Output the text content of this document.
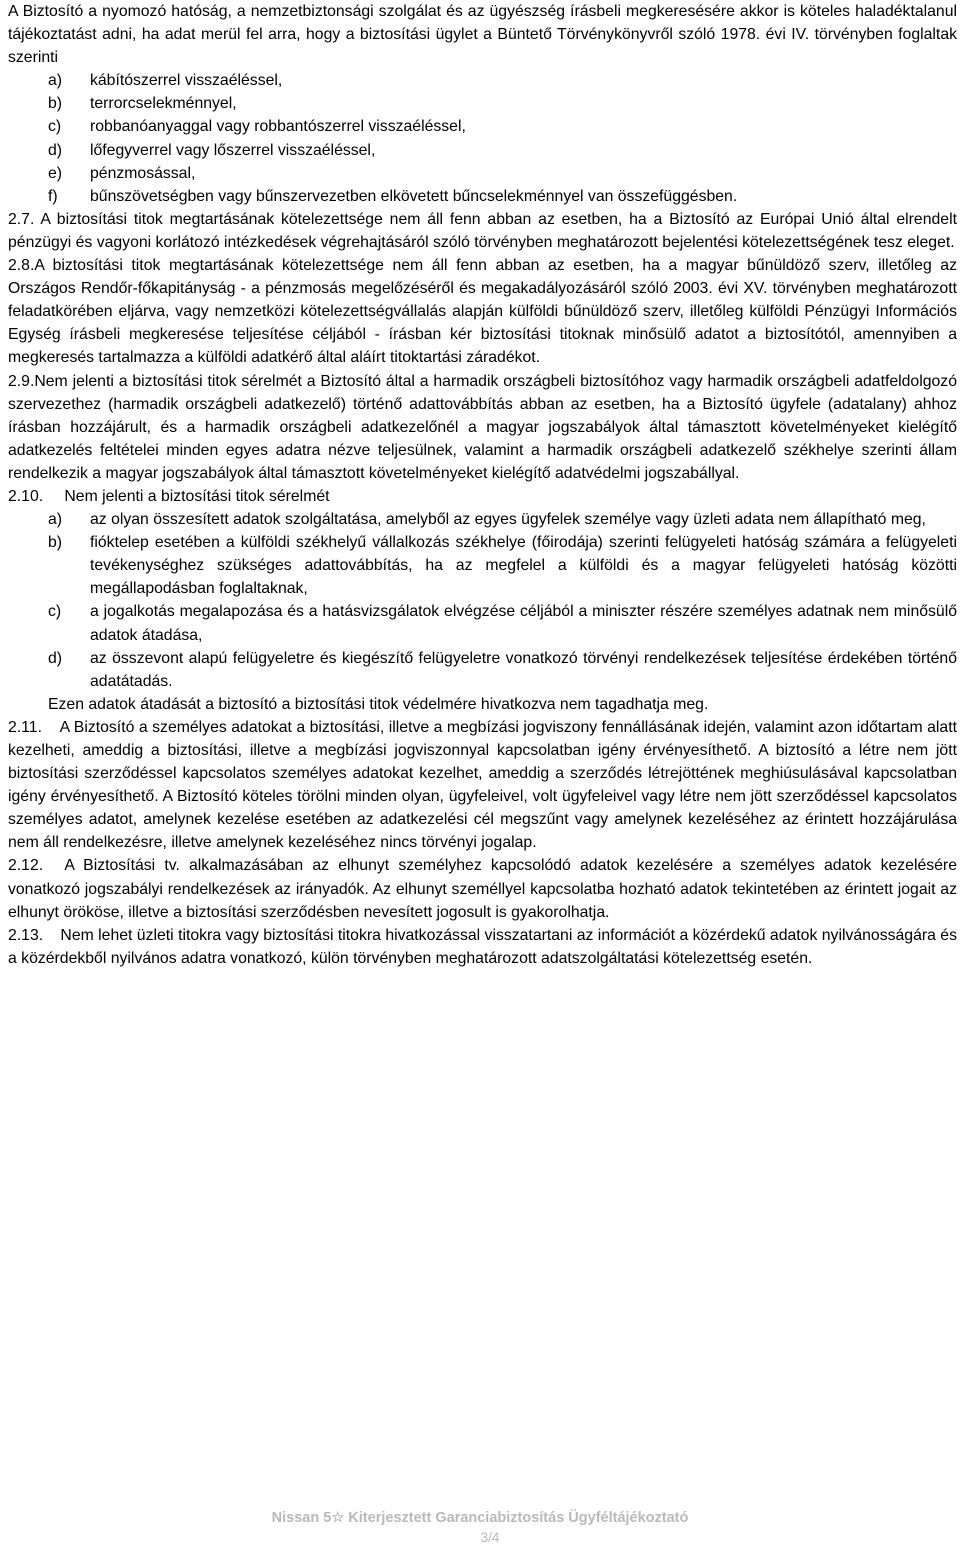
A Biztosító a nyomozó hatóság, a nemzetbiztonsági szolgálat és az ügyészség írásbeli megkeresésére akkor is köteles haladéktalanul tájékoztatást adni, ha adat merül fel arra, hogy a biztosítási ügylet a Büntető Törvénykönyvről szóló 1978. évi IV. törvényben foglaltak szerinti

a) kábítószerrel visszaéléssel,
b) terrorcselekménnyel,
c) robbanóanyaggal vagy robbantószerrel visszaéléssel,
d) lőfegyverrel vagy lőszerrel visszaéléssel,
e) pénzmosással,
f) bűnszövetségben vagy bűnszervezetben elkövetett bűncselekménnyel van összefüggésben.

2.7. A biztosítási titok megtartásának kötelezettsége nem áll fenn abban az esetben, ha a Biztosító az Európai Unió által elrendelt pénzügyi és vagyoni korlátozó intézkedések végrehajtásáról szóló törvényben meghatározott bejelentési kötelezettségének tesz eleget.

2.8.A biztosítási titok megtartásának kötelezettsége nem áll fenn abban az esetben, ha a magyar bűnüldöző szerv, illetőleg az Országos Rendőr-főkapitányság - a pénzmosás megelőzéséről és megakadályozásáról szóló 2003. évi XV. törvényben meghatározott feladatkörében eljárva, vagy nemzetközi kötelezettségvállalás alapján külföldi bűnüldöző szerv, illetőleg külföldi Pénzügyi Információs Egység írásbeli megkeresése teljesítése céljából - írásban kér biztosítási titoknak minősülő adatot a biztosítótól, amennyiben a megkeresés tartalmazza a külföldi adatkérő által aláírt titoktartási záradékot.

2.9.Nem jelenti a biztosítási titok sérelmét a Biztosító által a harmadik országbeli biztosítóhoz vagy harmadik országbeli adatfeldolgozó szervezethez (harmadik országbeli adatkezelő) történő adattovábbítás abban az esetben, ha a Biztosító ügyfele (adatalany) ahhoz írásban hozzájárult, és a harmadik országbeli adatkezelőnél a magyar jogszabályok által támasztott követelményeket kielégítő adatkezelés feltételei minden egyes adatra nézve teljesülnek, valamint a harmadik országbeli adatkezelő székhelye szerinti állam rendelkezik a magyar jogszabályok által támasztott követelményeket kielégítő adatvédelmi jogszabállyal.

2.10. Nem jelenti a biztosítási titok sérelmét

a) az olyan összesített adatok szolgáltatása, amelyből az egyes ügyfelek személye vagy üzleti adata nem állapítható meg,
b) fióktelep esetében a külföldi székhelyű vállalkozás székhelye (főirodája) szerinti felügyeleti hatóság számára a felügyeleti tevékenységhez szükséges adattovábbítás, ha az megfelel a külföldi és a magyar felügyeleti hatóság közötti megállapodásban foglaltaknak,
c) a jogalkotás megalapozása és a hatásvizsgálatok elvégzése céljából a miniszter részére személyes adatnak nem minősülő adatok átadása,
d) az összevont alapú felügyeletre és kiegészítő felügyeletre vonatkozó törvényi rendelkezések teljesítése érdekében történő adatátadás.

Ezen adatok átadását a biztosító a biztosítási titok védelmére hivatkozva nem tagadhatja meg.

2.11. A Biztosító a személyes adatokat a biztosítási, illetve a megbízási jogviszony fennállásának idején, valamint azon időtartam alatt kezelheti, ameddig a biztosítási, illetve a megbízási jogviszonnyal kapcsolatban igény érvényesíthető. A biztosító a létre nem jött biztosítási szerződéssel kapcsolatos személyes adatokat kezelhet, ameddig a szerződés létrejöttének meghiúsulásával kapcsolatban igény érvényesíthető. A Biztosító köteles törölni minden olyan, ügyfeleivel, volt ügyfeleivel vagy létre nem jött szerződéssel kapcsolatos személyes adatot, amelynek kezelése esetében az adatkezelési cél megszűnt vagy amelynek kezeléséhez az érintett hozzájárulása nem áll rendelkezésre, illetve amelynek kezeléséhez nincs törvényi jogalap.

2.12. A Biztosítási tv. alkalmazásában az elhunyt személyhez kapcsolódó adatok kezelésére a személyes adatok kezelésére vonatkozó jogszabályi rendelkezések az irányadók. Az elhunyt személlyel kapcsolatba hozható adatok tekintetében az érintett jogait az elhunyt örököse, illetve a biztosítási szerződésben nevesített jogosult is gyakorolhatja.

2.13. Nem lehet üzleti titokra vagy biztosítási titokra hivatkozással visszatartani az információt a közérdekű adatok nyilvánosságára és a közérdekből nyilvános adatra vonatkozó, külön törvényben meghatározott adatszolgáltatási kötelezettség esetén.

Nissan 5☆ Kiterjesztett Garanciabiztosítás Ügyféltájékoztató
3/4
